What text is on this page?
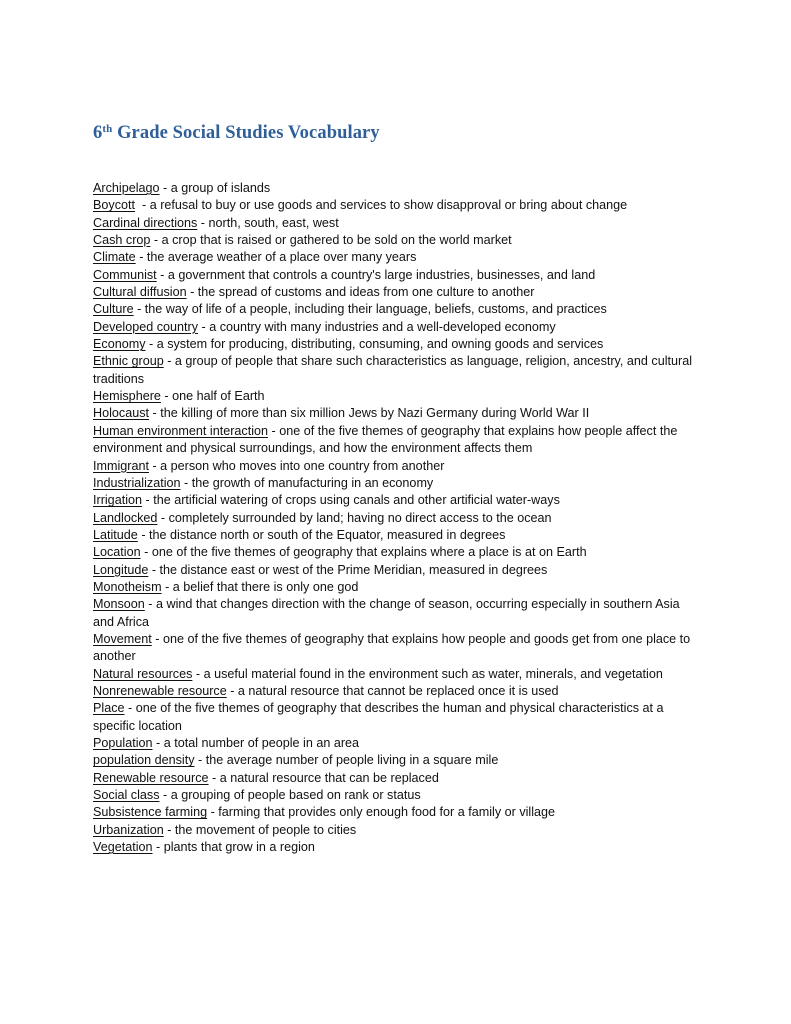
6th Grade Social Studies Vocabulary
Archipelago - a group of islands
Boycott  - a refusal to buy or use goods and services to show disapproval or bring about change
Cardinal directions - north, south, east, west
Cash crop - a crop that is raised or gathered to be sold on the world market
Climate - the average weather of a place over many years
Communist - a government that controls a country's large industries, businesses, and land
Cultural diffusion - the spread of customs and ideas from one culture to another
Culture - the way of life of a people, including their language, beliefs, customs, and practices
Developed country - a country with many industries and a well-developed economy
Economy - a system for producing, distributing, consuming, and owning goods and services
Ethnic group - a group of people that share such characteristics as language, religion, ancestry, and cultural traditions
Hemisphere - one half of Earth
Holocaust - the killing of more than six million Jews by Nazi Germany during World War II
Human environment interaction - one of the five themes of geography that explains how people affect the environment and physical surroundings, and how the environment affects them
Immigrant - a person who moves into one country from another
Industrialization - the growth of manufacturing in an economy
Irrigation - the artificial watering of crops using canals and other artificial water-ways
Landlocked - completely surrounded by land; having no direct access to the ocean
Latitude - the distance north or south of the Equator, measured in degrees
Location - one of the five themes of geography that explains where a place is at on Earth
Longitude - the distance east or west of the Prime Meridian, measured in degrees
Monotheism - a belief that there is only one god
Monsoon - a wind that changes direction with the change of season, occurring especially in southern Asia and Africa
Movement - one of the five themes of geography that explains how people and goods get from one place to another
Natural resources - a useful material found in the environment such as water, minerals, and vegetation
Nonrenewable resource - a natural resource that cannot be replaced once it is used
Place - one of the five themes of geography that describes the human and physical characteristics at a specific location
Population - a total number of people in an area
population density - the average number of people living in a square mile
Renewable resource - a natural resource that can be replaced
Social class - a grouping of people based on rank or status
Subsistence farming - farming that provides only enough food for a family or village
Urbanization - the movement of people to cities
Vegetation - plants that grow in a region
